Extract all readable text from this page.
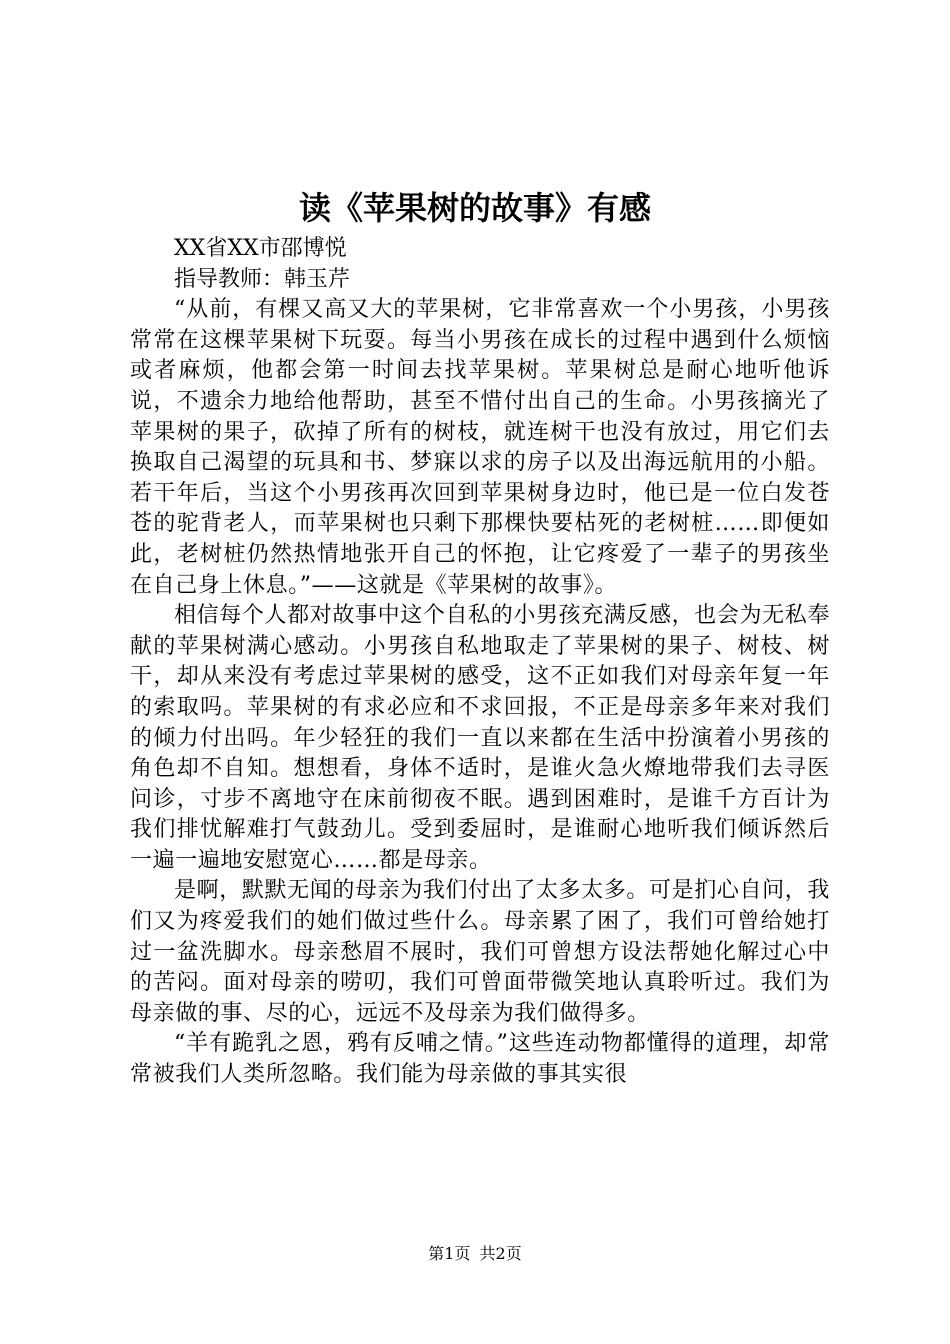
读《苹果树的故事》有感

XX省XX市邵博悦

指导教师：韩玉芹

“从前，有棵又高又大的苹果树，它非常喜欢一个小男孩，小男孩常常在这棵苹果树下玩耍。每当小男孩在成长的过程中遇到什么烦恼或者麻烦，他都会第一时间去找苹果树。苹果树总是耐心地听他诉说，不遗余力地给他帮助，甚至不惜付出自己的生命。小男孩摘光了苹果树的果子，砍掉了所有的树枝，就连树干也没有放过，用它们去换取自己渴望的玩具和书、梦寐以求的房子以及出海远航用的小船。若干年后，当这个小男孩再次回到苹果树身边时，他已是一位白发苍苍的驼背老人，而苹果树也只剩下那棵快要枯死的老树桩……即便如此，老树桩仍然热情地张开自己的怀抱，让它疼爱了一辈子的男孩坐在自己身上休息。”——这就是《苹果树的故事》。

相信每个人都对故事中这个自私的小男孩充满反感，也会为无私奉献的苹果树满心感动。小男孩自私地取走了苹果树的果子、树枝、树干，却从来没有考虑过苹果树的感受，这不正如我们对母亲年复一年的索取吗。苹果树的有求必应和不求回报，不正是母亲多年来对我们的倾力付出吗。年少轻狂的我们一直以来都在生活中扮演着小男孩的角色却不自知。想想看，身体不适时，是谁火急火燎地带我们去寻医问诊，寸步不离地守在床前彻夜不眠。遇到困难时，是谁千方百计为我们排忧解难打气鼓劲儿。受到委屈时，是谁耐心地听我们倾诉然后一遍一遍地安慰宽心……都是母亲。

是啊，默默无闻的母亲为我们付出了太多太多。可是扪心自问，我们又为疼爱我们的她们做过些什么。母亲累了困了，我们可曾给她打过一盆洗脚水。母亲愁眉不展时，我们可曾想方设法帮她化解过心中的苦闷。面对母亲的唠叨，我们可曾面带微笑地认真聆听过。我们为母亲做的事、尽的心，远远不及母亲为我们做得多。

“羊有跪乳之恩，鸦有反哺之情。”这些连动物都懂得的道理，却常常被我们人类所忽略。我们能为母亲做的事其实很

第1页 共2页
